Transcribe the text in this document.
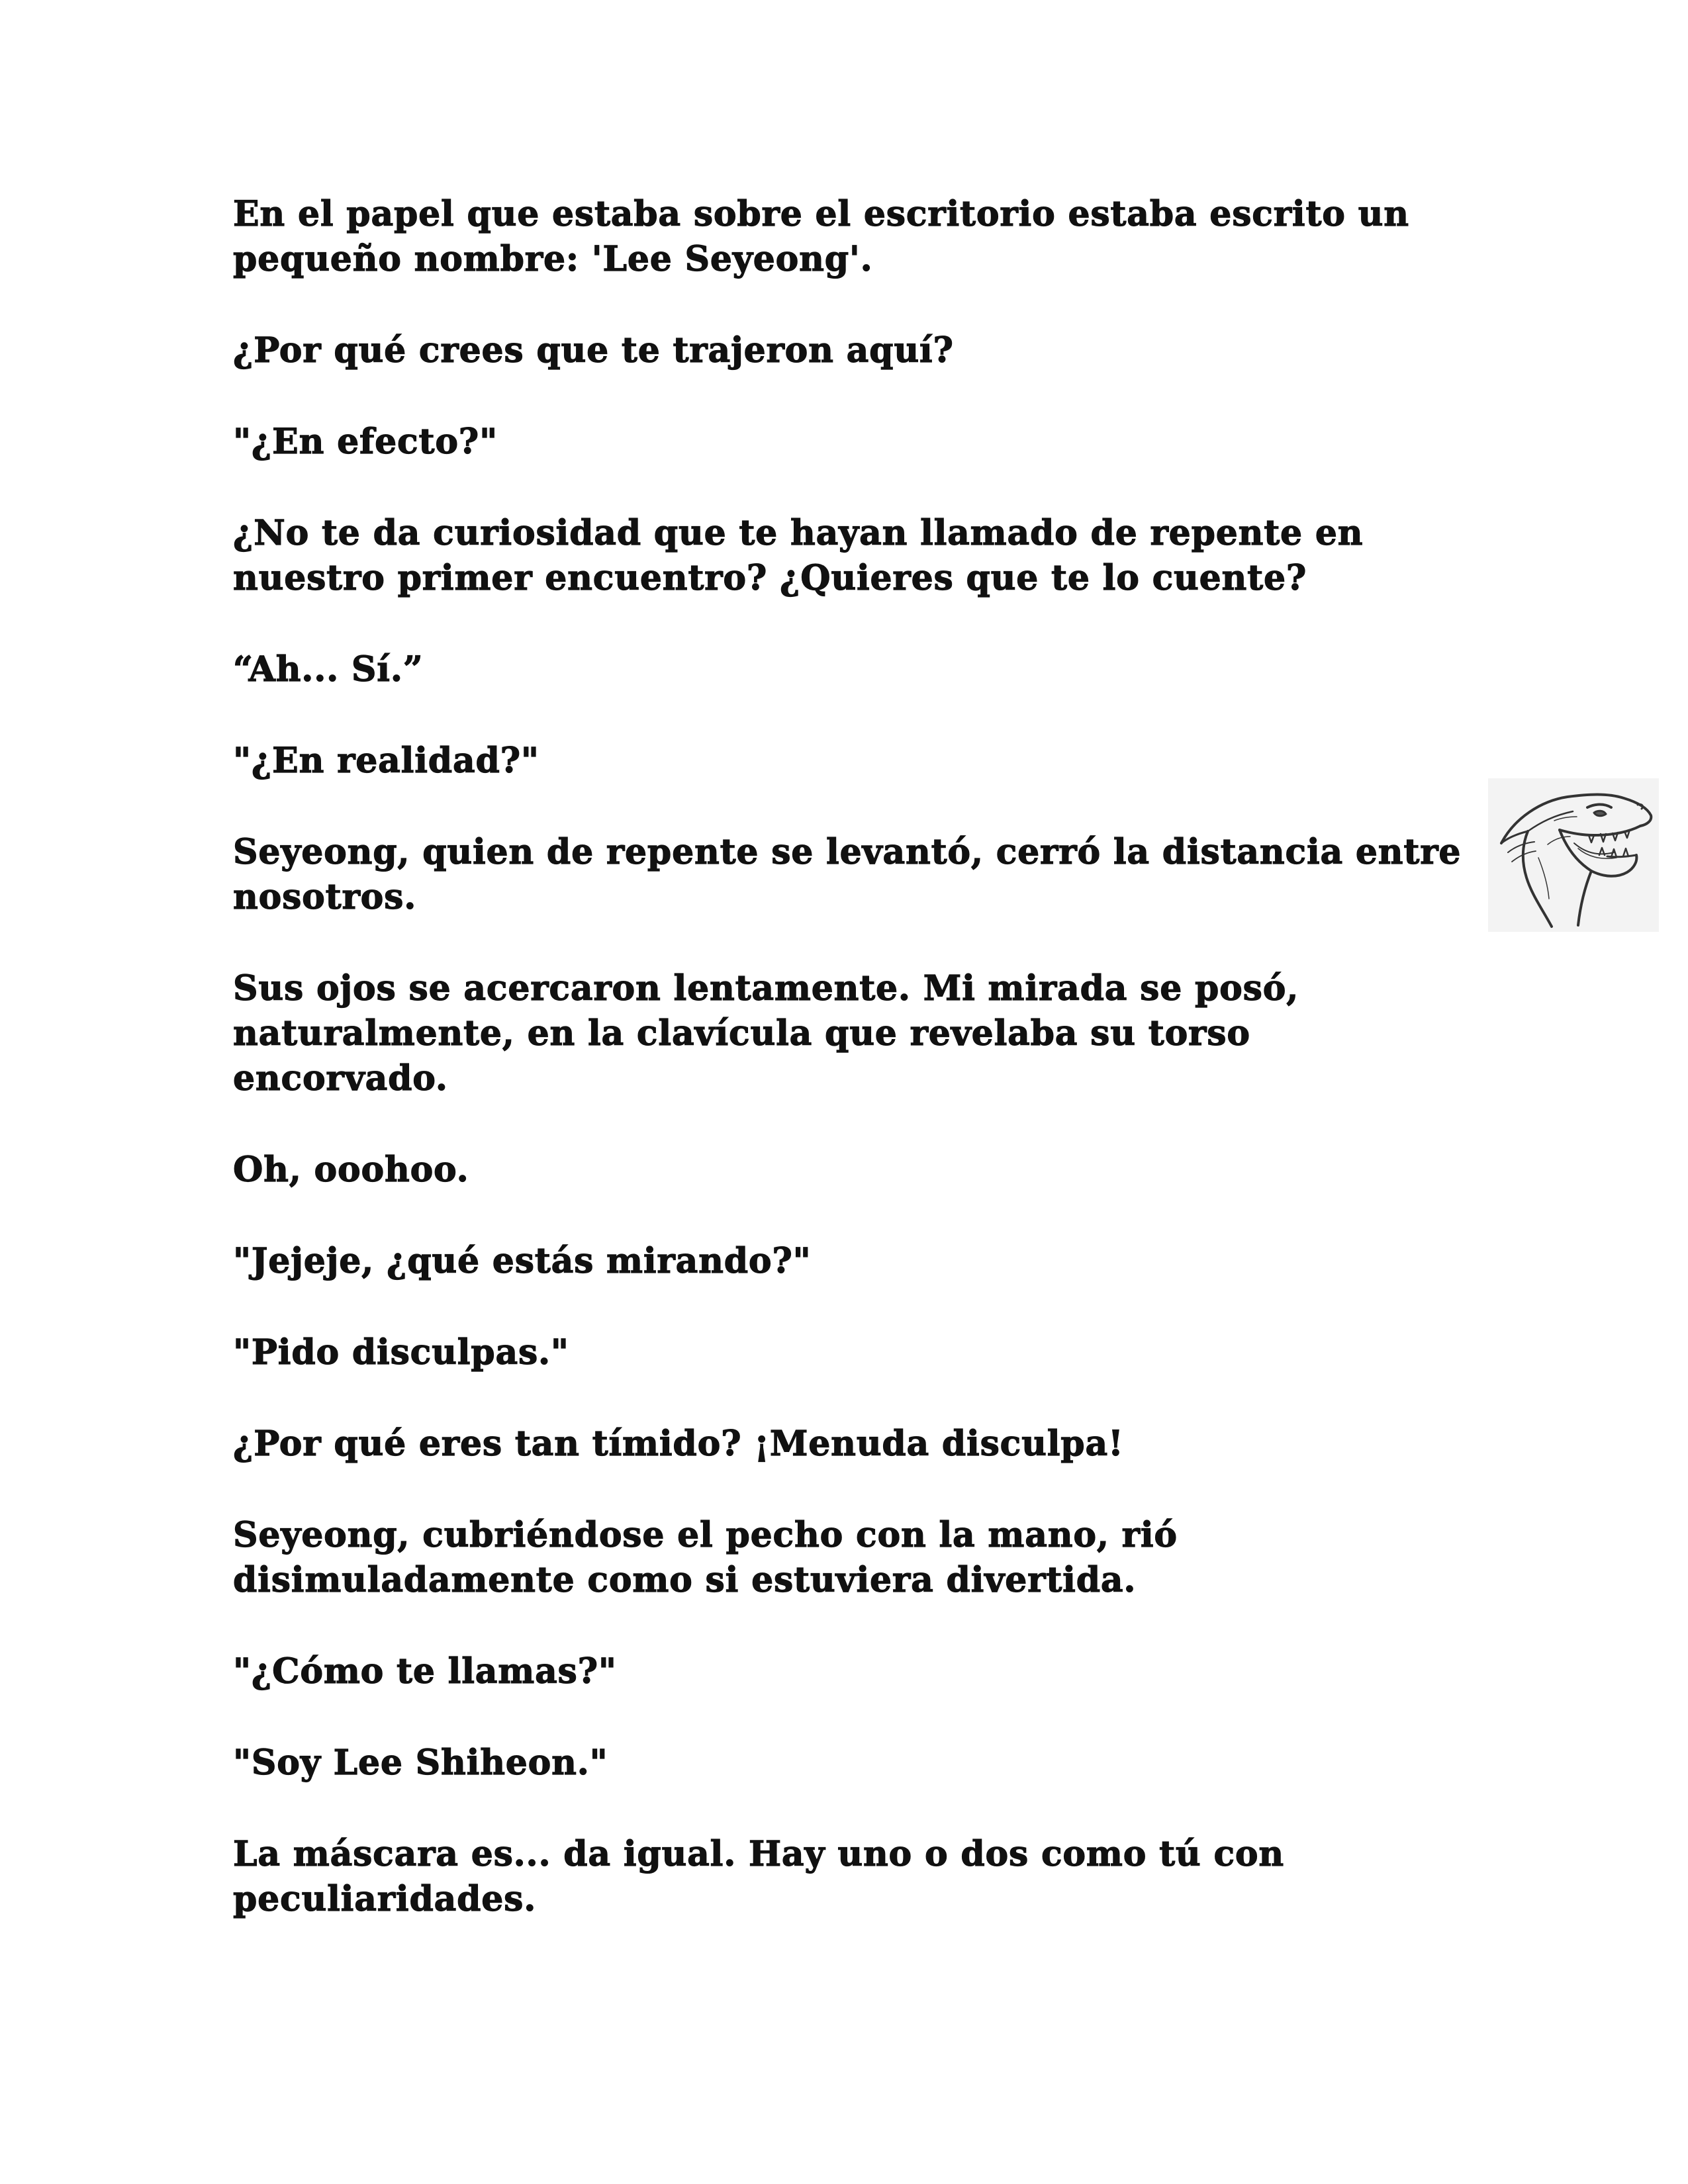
En el papel que estaba sobre el escritorio estaba escrito un pequeño nombre: 'Lee Seyeong'.

¿Por qué crees que te trajeron aquí?

"¿En efecto?"

¿No te da curiosidad que te hayan llamado de repente en nuestro primer encuentro? ¿Quieres que te lo cuente?

“Ah... Sí.”

"¿En realidad?"

Seyeong, quien de repente se levantó, cerró la distancia entre nosotros.

Sus ojos se acercaron lentamente. Mi mirada se posó, naturalmente, en la clavícula que revelaba su torso encorvado.

Oh, ooohoo.

"Jejeje, ¿qué estás mirando?"

"Pido disculpas."

¿Por qué eres tan tímido? ¡Menuda disculpa!

Seyeong, cubriéndose el pecho con la mano, rió disimuladamente como si estuviera divertida.

"¿Cómo te llamas?"

"Soy Lee Shiheon."

La máscara es... da igual. Hay uno o dos como tú con peculiaridades.
